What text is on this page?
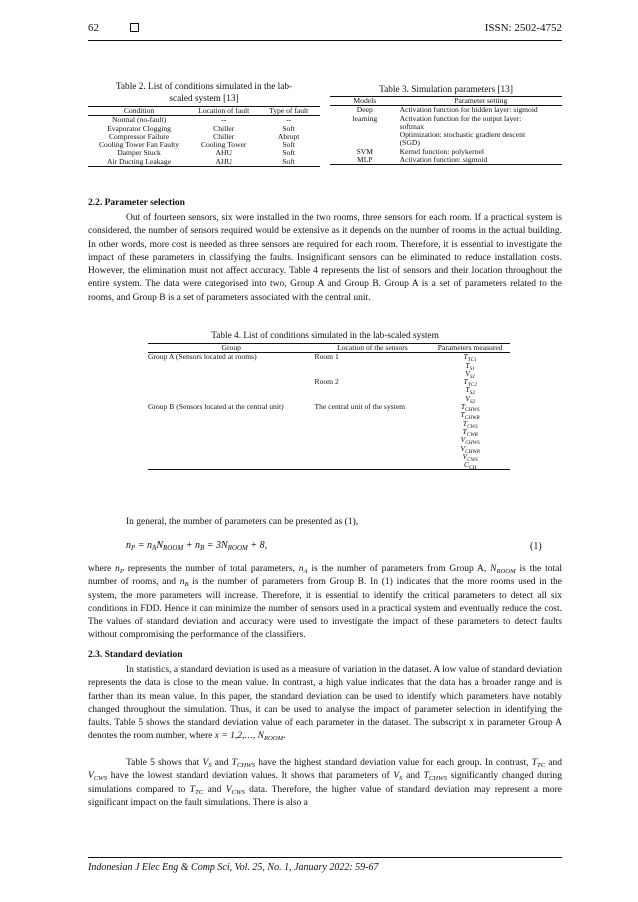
62	ISSN: 2502-4752
Table 2. List of conditions simulated in the lab-
scaled system [13]
Condition	Location of fault	Type of fault
Normal (no-fault)	--	--
Evaporator Clogging	Chiller	Soft
Compressor Failure	Chiller	Abrupt
Cooling Tower Fan Faulty	Cooling Tower	Soft
Damper Stuck	AHU	Soft
Air Ducting Leakage	AHU	Soft
Table 3. Simulation parameters [13]
Models	Parameter setting
Deep	Activation function for hidden layer: sigmoid
learning	Activation function for the output layer:
	softmax
	Optimization: stochastic gradient descent
	(SGD)
SVM	Kernel function: polykernel
MLP	Activation function: sigmoid
2.2. Parameter selection
Out of fourteen sensors, six were installed in the two rooms, three sensors for each room. If a practical system is considered, the number of sensors required would be extensive as it depends on the number of rooms in the actual building. In other words, more cost is needed as three sensors are required for each room. Therefore, it is essential to investigate the impact of these parameters in classifying the faults. Insignificant sensors can be eliminated to reduce installation costs. However, the elimination must not affect accuracy. Table 4 represents the list of sensors and their location throughout the entire system. The data were categorised into two, Group A and Group B. Group A is a set of parameters related to the rooms, and Group B is a set of parameters associated with the central unit.
Table 4. List of conditions simulated in the lab-scaled system
Group	Location of the sensors	Parameters measured
Group A (Sensors located at rooms)	Room 1	$T_{TC1}$
		$T_{S1}$
		$V_{S1}$
	Room 2	$T_{TC2}$
		$T_{S2}$
		$V_{S2}$
Group B (Sensors located at the central unit)	The central unit of the system	$T_{CHWS}$
		$T_{CHWR}$
		$T_{CWS}$
		$T_{CWR}$
		$V_{CHWS}$
		$V_{CHWR}$
		$V_{CWS}$
		$C_{CH}$
In general, the number of parameters can be presented as (1),
$n_P = n_AN_{ROOM} + n_B = 3N_{ROOM} + 8$,	(1)
where $n_P$ represents the number of total parameters, $n_A$ is the number of parameters from Group A, $N_{ROOM}$ is the total number of rooms, and $n_B$ is the number of parameters from Group B. In (1) indicates that the more rooms used in the system, the more parameters will increase. Therefore, it is essential to identify the critical parameters to detect all six conditions in FDD. Hence it can minimize the number of sensors used in a practical system and eventually reduce the cost. The values of standard deviation and accuracy were used to investigate the impact of these parameters to detect faults without compromising the performance of the classifiers.
2.3. Standard deviation
In statistics, a standard deviation is used as a measure of variation in the dataset. A low value of standard deviation represents the data is close to the mean value. In contrast, a high value indicates that the data has a broader range and is farther than its mean value. In this paper, the standard deviation can be used to identify which parameters have notably changed throughout the simulation. Thus, it can be used to analyse the impact of parameter selection in identifying the faults. Table 5 shows the standard deviation value of each parameter in the dataset. The subscript x in parameter Group A denotes the room number, where x = 1,2,…, $N_{ROOM}$.
Table 5 shows that $V_S$ and $T_{CHWS}$ have the highest standard deviation value for each group. In contrast, $T_{TC}$ and $V_{CWS}$ have the lowest standard deviation values. It shows that parameters of $V_S$ and $T_{CHWS}$ significantly changed during simulations compared to $T_{TC}$ and $V_{CWS}$ data. Therefore, the higher value of standard deviation may represent a more significant impact on the fault simulations. There is also a
Indonesian J Elec Eng & Comp Sci, Vol. 25, No. 1, January 2022: 59-67
